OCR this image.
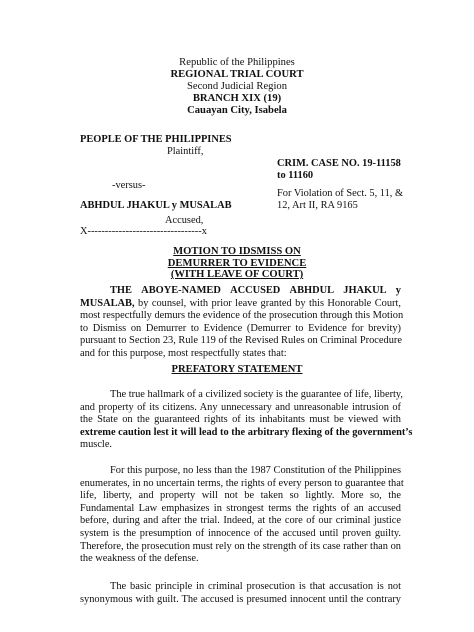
Republic of the Philippines
REGIONAL TRIAL COURT
Second Judicial Region
BRANCH XIX (19)
Cauayan City, Isabela
PEOPLE OF THE PHILIPPINES
Plaintiff,
CRIM. CASE NO. 19-11158
to 11160
-versus-
For Violation of Sect. 5, 11, &
ABHDUL JHAKUL y MUSALAB	12, Art II, RA 9165
Accused,
X---------------------------------x
MOTION TO IDSMISS ON
DEMURRER TO EVIDENCE
(WITH LEAVE OF COURT)
THE ABOYE-NAMED ACCUSED ABHDUL JHAKUL y
MUSALAB, by counsel, with prior leave granted by this Honorable Court,
most respectfully demurs the evidence of the prosecution through this Motion
to Dismiss on Demurrer to Evidence (Demurrer to Evidence for brevity)
pursuant to Section 23, Rule 119 of the Revised Rules on Criminal Procedure
and for this purpose, most respectfully states that:
PREFATORY STATEMENT
The true hallmark of a civilized society is the guarantee of life, liberty,
and property of its citizens. Any unnecessary and unreasonable intrusion of
the State on the guaranteed rights of its inhabitants must be viewed with
extreme caution lest it will lead to the arbitrary flexing of the government’s
muscle.
For this purpose, no less than the 1987 Constitution of the Philippines
enumerates, in no uncertain terms, the rights of every person to guarantee that
life, liberty, and property will not be taken so lightly. More so, the
Fundamental Law emphasizes in strongest terms the rights of an accused
before, during and after the trial. Indeed, at the core of our criminal justice
system is the presumption of innocence of the accused until proven guilty.
Therefore, the prosecution must rely on the strength of its case rather than on
the weakness of the defense.
The basic principle in criminal prosecution is that accusation is not
synonymous with guilt. The accused is presumed innocent until the contrary
